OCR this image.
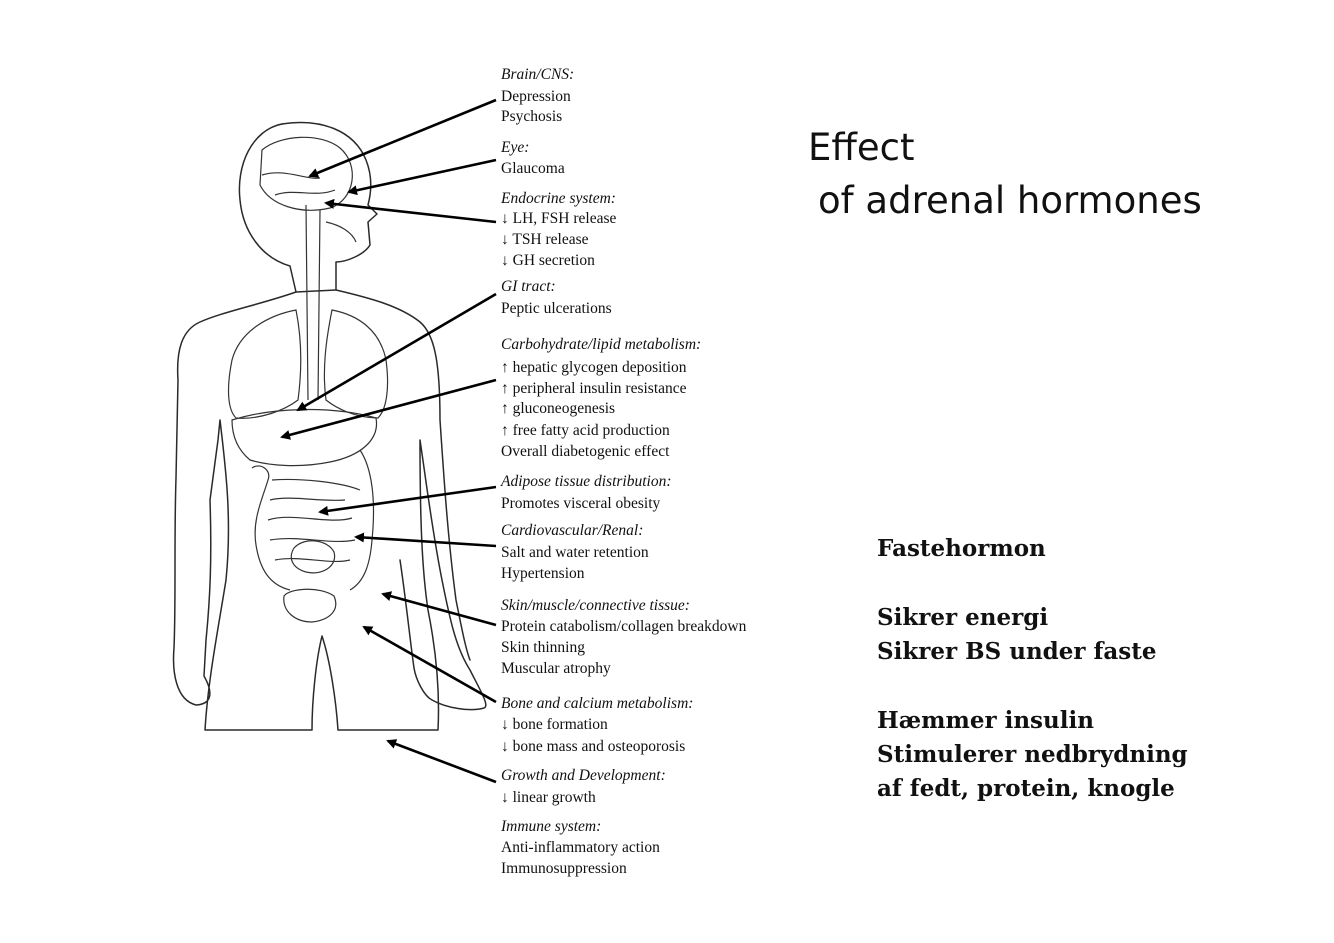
Brain/CNS:
Depression
Psychosis
Eye:
Glaucoma
Endocrine system:
↓ LH, FSH release
↓ TSH release
↓ GH secretion
GI tract:
Peptic ulcerations
Carbohydrate/lipid metabolism:
↑ hepatic glycogen deposition
↑ peripheral insulin resistance
↑ gluconeogenesis
↑ free fatty acid production
Overall diabetogenic effect
Adipose tissue distribution:
Promotes visceral obesity
Cardiovascular/Renal:
Salt and water retention
Hypertension
Skin/muscle/connective tissue:
Protein catabolism/collagen breakdown
Skin thinning
Muscular atrophy
Bone and calcium metabolism:
↓ bone formation
↓ bone mass and osteoporosis
Growth and Development:
↓ linear growth
Immune system:
Anti-inflammatory action
Immunosuppression
Effect
of adrenal hormones
Fastehormon
Sikrer energi
Sikrer BS under faste
Hæmmer insulin
Stimulerer nedbrydning
af fedt, protein, knogle
